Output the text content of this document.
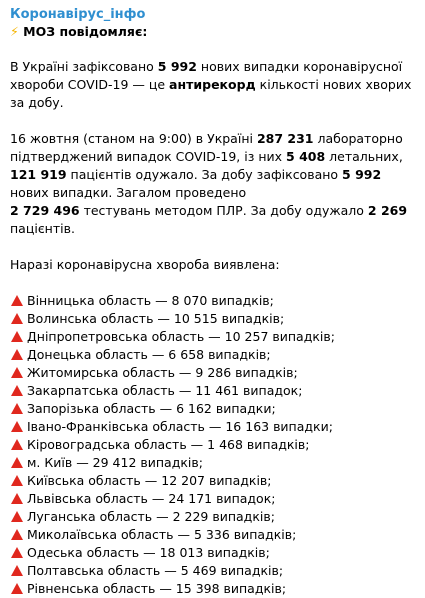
Коронавірус_інфо
⚡ МОЗ повідомляє:

В Україні зафіксовано 5 992 нових випадки коронавірусної хвороби COVID-19 — це антирекорд кількості нових хворих за добу.

16 жовтня (станом на 9:00) в Україні 287 231 лабораторно підтверджений випадок COVID-19, із них 5 408 летальних, 121 919 пацієнтів одужало. За добу зафіксовано 5 992 нових випадки. Загалом проведено

2 729 496 тестувань методом ПЛР. За добу одужало 2 269 пацієнтів.

Наразі коронавірусна хвороба виявлена:

Вінницька область — 8 070 випадків;
Волинська область — 10 515 випадків;
Дніпропетровська область — 10 257 випадків;
Донецька область — 6 658 випадків;
Житомирська область — 9 286 випадків;
Закарпатська область — 11 461 випадок;
Запорізька область — 6 162 випадки;
Івано-Франківська область — 16 163 випадки;
Кіровоградська область — 1 468 випадків;
м. Київ — 29 412 випадків;
Київська область — 12 207 випадків;
Львівська область — 24 171 випадок;
Луганська область — 2 229 випадків;
Миколаївська область — 5 336 випадків;
Одеська область — 18 013 випадків;
Полтавська область — 5 469 випадків;
Рівненська область — 15 398 випадків;
